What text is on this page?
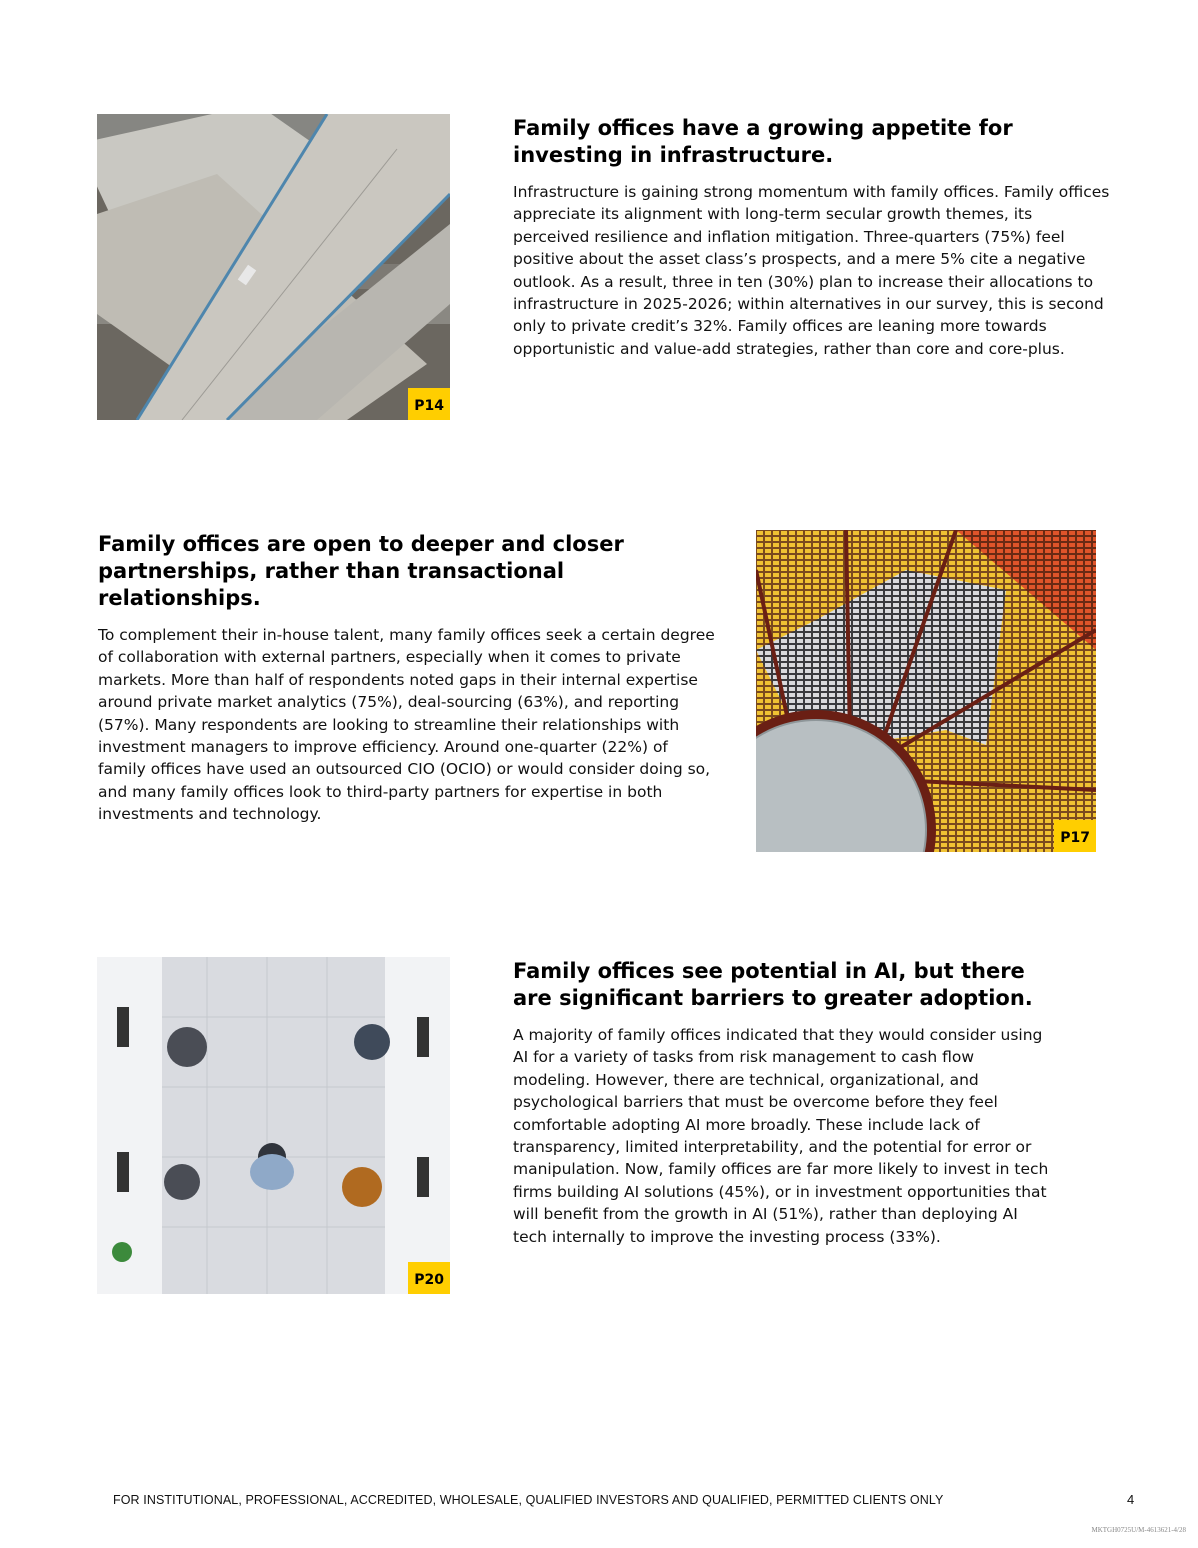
P14
Family offices have a growing appetite for investing in infrastructure.

Infrastructure is gaining strong momentum with family offices. Family offices appreciate its alignment with long-term secular growth themes, its perceived resilience and inflation mitigation. Three-quarters (75%) feel positive about the asset class’s prospects, and a mere 5% cite a negative outlook. As a result, three in ten (30%) plan to increase their allocations to infrastructure in 2025-2026; within alternatives in our survey, this is second only to private credit’s 32%. Family offices are leaning more towards opportunistic and value-add strategies, rather than core and core-plus.

Family offices are open to deeper and closer partnerships, rather than transactional relationships.

To complement their in-house talent, many family offices seek a certain degree of collaboration with external partners, especially when it comes to private markets. More than half of respondents noted gaps in their internal expertise around private market analytics (75%), deal-sourcing (63%), and reporting (57%). Many respondents are looking to streamline their relationships with investment managers to improve efficiency. Around one-quarter (22%) of family offices have used an outsourced CIO (OCIO) or would consider doing so, and many family offices look to third-party partners for expertise in both investments and technology.

P17
P20
Family offices see potential in AI, but there are significant barriers to greater adoption.

A majority of family offices indicated that they would consider using AI for a variety of tasks from risk management to cash flow modeling. However, there are technical, organizational, and psychological barriers that must be overcome before they feel comfortable adopting AI more broadly. These include lack of transparency, limited interpretability, and the potential for error or manipulation. Now, family offices are far more likely to invest in tech firms building AI solutions (45%), or in investment opportunities that will benefit from the growth in AI (51%), rather than deploying AI tech internally to improve the investing process (33%).

FOR INSTITUTIONAL, PROFESSIONAL, ACCREDITED, WHOLESALE, QUALIFIED INVESTORS AND QUALIFIED, PERMITTED CLIENTS ONLY	4
MKTGH0725U/M-4613621-4/28
